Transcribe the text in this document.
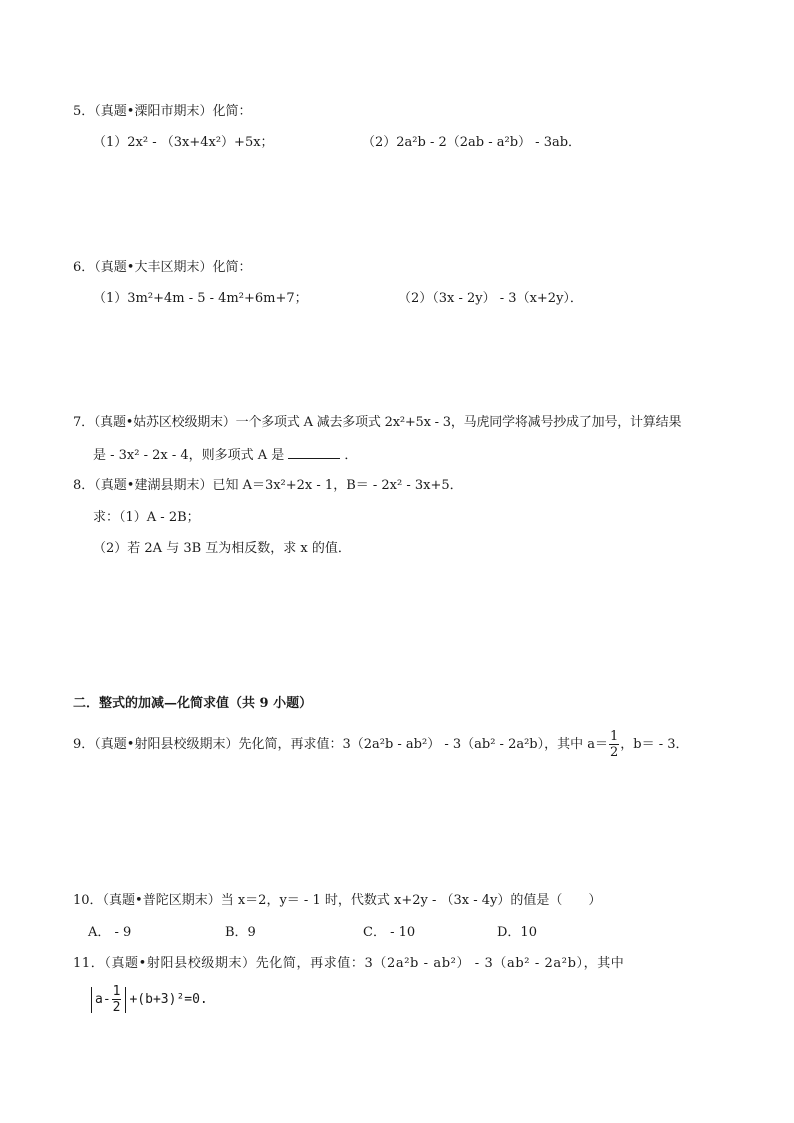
5．（真题•溧阳市期末）化简：
（1）2x² - （3x+4x²）+5x；	（2）2a²b - 2（2ab - a²b） - 3ab．
6．（真题•大丰区期末）化简：
（1）3m²+4m - 5 - 4m²+6m+7；	（2）（3x - 2y） - 3（x+2y）．
7．（真题•姑苏区校级期末）一个多项式 A 减去多项式 2x²+5x - 3，马虎同学将减号抄成了加号，计算结果
是 - 3x² - 2x - 4，则多项式 A 是	．
8．（真题•建湖县期末）已知 A＝3x²+2x - 1，B＝ - 2x² - 3x+5．
求：（1）A - 2B；
（2）若 2A 与 3B 互为相反数，求 x 的值．
二．整式的加减—化简求值（共 9 小题）
9．（真题•射阳县校级期末）先化简，再求值：3（2a²b - ab²） - 3（ab² - 2a²b），其中 $a= \frac{1}{2}$ ，b＝ - 3．
10．（真题•普陀区期末）当 x＝2，y＝ - 1 时，代数式 x+2y - （3x - 4y）的值是（　　）
A． - 9	B．9	C． - 10	D．10
11．（真题•射阳县校级期末）先化简，再求值：3（2a²b - ab²） - 3（ab² - 2a²b），其中
$a- \frac{1}{2} +(b+3)^2=0$.
